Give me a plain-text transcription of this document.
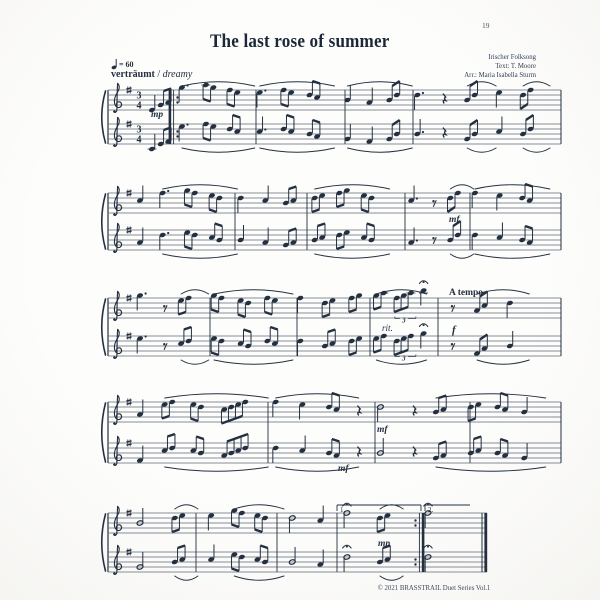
19
The last rose of summer
Irischer Folksong
Text: T. Moore
Arr.: Maria Isabella Sturm
= 60
verträumt / dreamy
3
4
3
4
3
3
1.	2.
mp
mf
A tempo
rit.	f
mf
mf
mp
© 2021 BRASSTRAIL Duet Series Vol.1
